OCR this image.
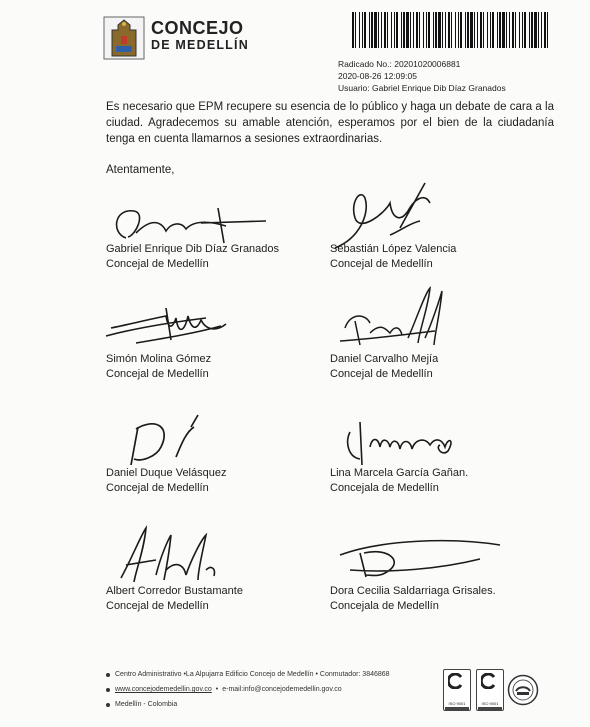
CONCEJO
DE MEDELLÍN
Radicado No.: 20201020006881
2020-08-26 12:09:05
Usuario: Gabriel Enrique Dib Díaz Granados
Es necesario que EPM recupere su esencia de lo público y haga un debate de cara a la ciudad. Agradecemos su amable atención, esperamos por el bien de la ciudadanía tenga en cuenta llamarnos a sesiones extraordinarias.
Atentamente,
Gabriel Enrique Dib Díaz Granados
Concejal de Medellín
Sebastián López Valencia
Concejal de Medellín
Simón Molina Gómez
Concejal de Medellín
Daniel Carvalho Mejía
Concejal de Medellín
Daniel Duque Velásquez
Concejal de Medellín
Lina Marcela García Gañan.
Concejala de Medellín
Albert Corredor Bustamante
Concejal de Medellín
Dora Cecilia Saldarriaga Grisales.
Concejala de Medellín
Centro Administrativo •La Alpujarra Edificio Concejo de Medellín • Conmutador: 3846868
www.concejodemedellin.gov.co • e-mail:info@concejodemedellin.gov.co
Medellín - Colombia	ISO 9001	ISO 9001
